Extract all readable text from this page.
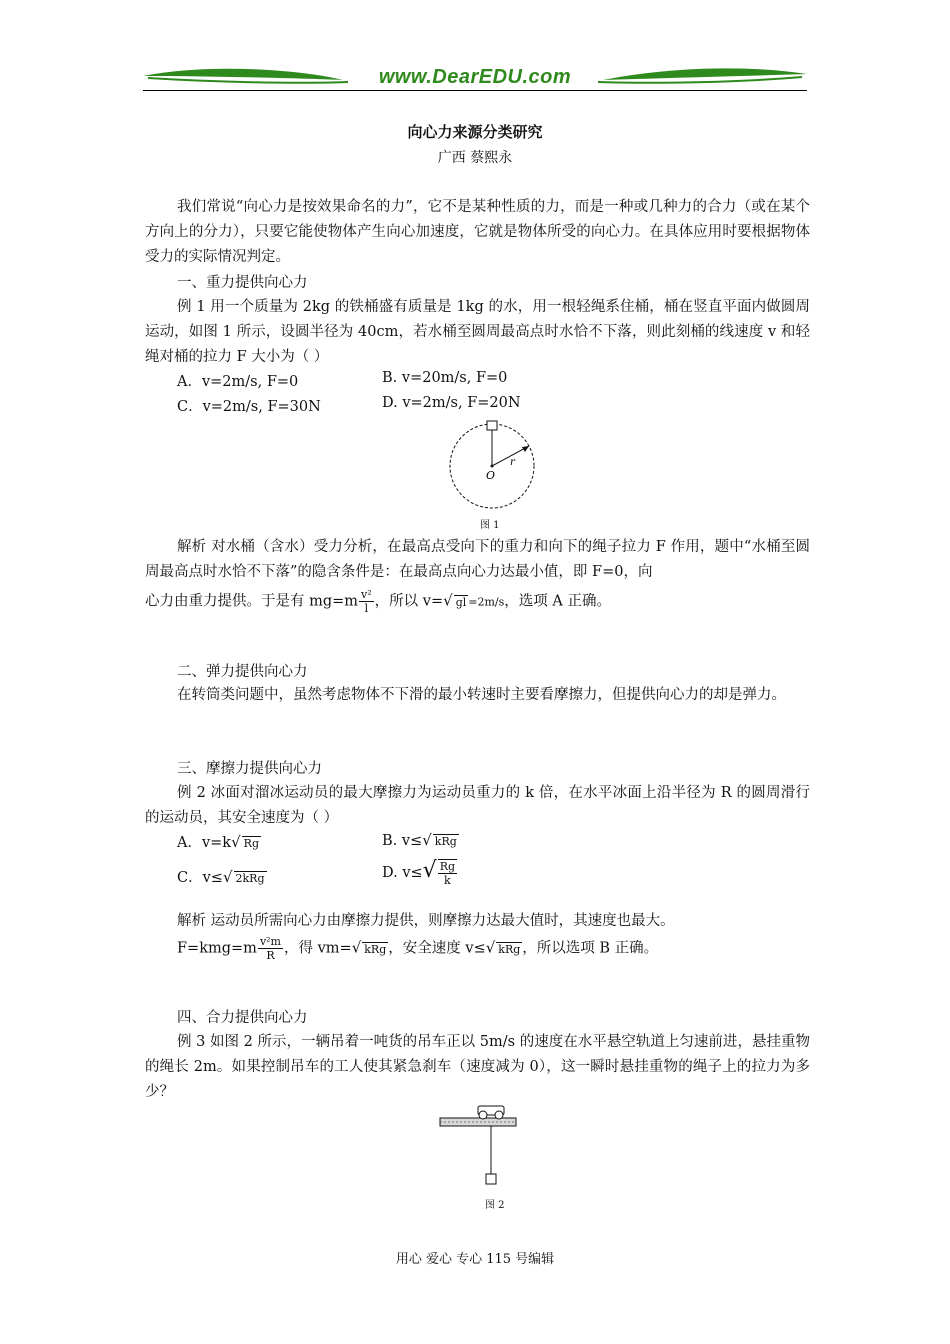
www.DearEDU.com
向心力来源分类研究
广西 蔡熙永
我们常说“向心力是按效果命名的力”，它不是某种性质的力，而是一种或几种力的合力（或在某个方向上的分力），只要它能使物体产生向心加速度，它就是物体所受的向心力。在具体应用时要根据物体受力的实际情况判定。
一、重力提供向心力
例 1 用一个质量为 2kg 的铁桶盛有质量是 1kg 的水，用一根轻绳系住桶，桶在竖直平面内做圆周运动，如图 1 所示，设圆半径为 40cm，若水桶至圆周最高点时水恰不下落，则此刻桶的线速度 v 和轻绳对桶的拉力 F 大小为（ ）
A．v=2m/s, F=0	B. v=20m/s, F=0
C．v=2m/s, F=30N	D. v=2m/s, F=20N
O
r
图 1
解析 对水桶（含水）受力分析，在最高点受向下的重力和向下的绳子拉力 F 作用，题中“水桶至圆周最高点时水恰不下落”的隐含条件是：在最高点向心力达最小值，即 F=0，向
心力由重力提供。于是有 $mg=m \frac{\text{v²}}{l}$ ，所以 v=√ gl =2m/s，选项 A 正确。
二、弹力提供向心力
在转筒类问题中，虽然考虑物体不下滑的最小转速时主要看摩擦力，但提供向心力的却是弹力。
三、摩擦力提供向心力
例 2 冰面对溜冰运动员的最大摩擦力为运动员重力的 k 倍，在水平冰面上沿半径为 R 的圆周滑行的运动员，其安全速度为（ ）
A．v=k√ Rg	B. v≤√ kRg
C．v≤√ 2kRg	D. $v\le√ \frac{Rg}{k}$
解析 运动员所需向心力由摩擦力提供，则摩擦力达最大值时，其速度也最大。
$F=kmg=m \frac{\text{v²m}}{R}$ ，得 vm=√ kRg ，安全速度 v≤√ kRg ，所以选项 B 正确。
四、合力提供向心力
例 3 如图 2 所示，一辆吊着一吨货的吊车正以 5m/s 的速度在水平悬空轨道上匀速前进，悬挂重物的绳长 2m。如果控制吊车的工人使其紧急刹车（速度减为 0），这一瞬时悬挂重物的绳子上的拉力为多少？
图 2
用心 爱心 专心 115 号编辑
